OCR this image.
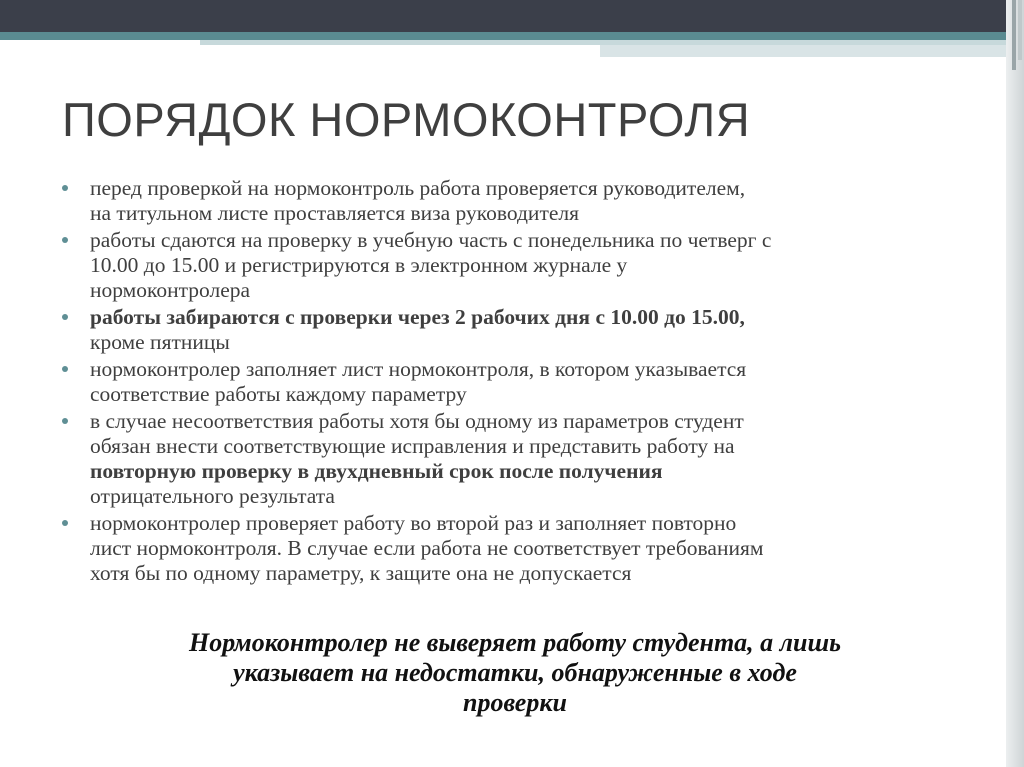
ПОРЯДОК НОРМОКОНТРОЛЯ
перед проверкой на нормоконтроль работа проверяется руководителем,
на титульном листе проставляется виза руководителя
работы сдаются на проверку в учебную часть с понедельника по четверг с
10.00 до 15.00 и регистрируются в электронном журнале у
нормоконтролера
работы забираются с проверки через 2 рабочих дня с 10.00 до 15.00,
кроме пятницы
нормоконтролер заполняет лист нормоконтроля, в котором указывается
соответствие работы каждому параметру
в случае несоответствия работы хотя бы одному из параметров студент
обязан внести соответствующие исправления и представить работу на
повторную проверку в двухдневный срок после получения
отрицательного результата
нормоконтролер проверяет работу во второй раз и заполняет повторно
лист нормоконтроля. В случае если работа не соответствует требованиям
хотя бы по одному параметру, к защите она не допускается
Нормоконтролер не выверяет работу студента, а лишь
указывает на недостатки, обнаруженные в ходе
проверки
